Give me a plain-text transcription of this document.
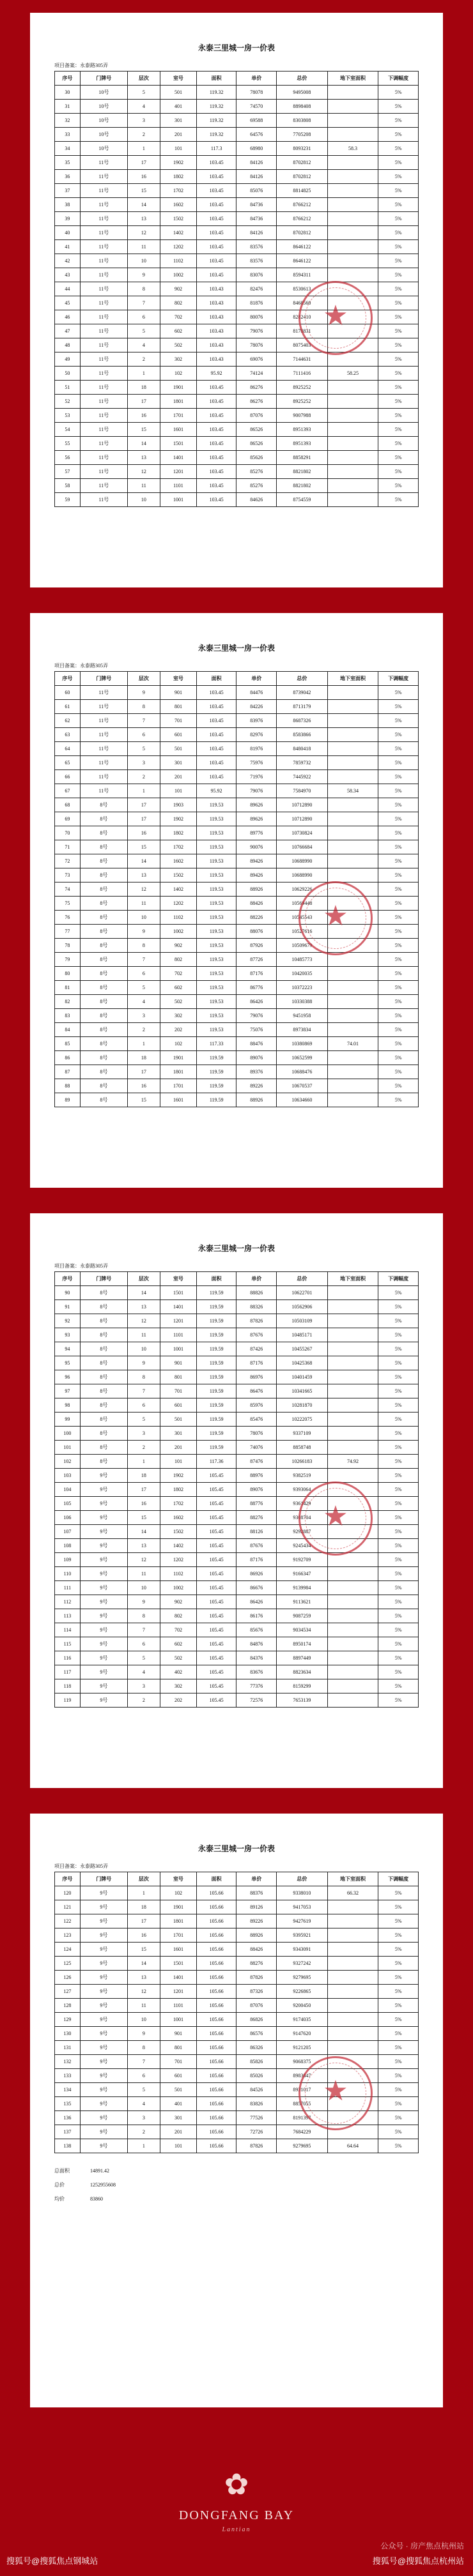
永泰三里城一房一价表
项目备案：永泰路305弄
序号	门牌号	层次	室号	面积	单价	总价	地下室面积	下调幅度
30	10号	5	501	119.32	78078	9495008		5%
31	10号	4	401	119.32	74570	8898408		5%
32	10号	3	301	119.32	69588	8303808		5%
33	10号	2	201	119.32	64576	7705208		5%
34	10号	1	101	117.3	68980	8093231	58.3	5%
35	11号	17	1902	103.45	84126	8702812		5%
36	11号	16	1802	103.45	84126	8702812		5%
37	11号	15	1702	103.45	85076	8814825		5%
38	11号	14	1602	103.45	84736	8766212		5%
39	11号	13	1502	103.45	84736	8766212		5%
40	11号	12	1402	103.45	84126	8702812		5%
41	11号	11	1202	103.45	83576	8646122		5%
42	11号	10	1102	103.45	83576	8646122		5%
43	11号	9	1002	103.45	83076	8594311		5%
44	11号	8	902	103.43	82476	8530613		5%
45	11号	7	802	103.43	81876	8468560		5%
46	11号	6	702	103.43	80076	8282410		5%
47	11号	5	602	103.43	79076	8178831		5%
48	11号	4	502	103.43	78076	8075403		5%
49	11号	2	302	103.43	69076	7144631		5%
50	11号	1	102	95.92	74124	7111416	58.25	5%
51	11号	18	1901	103.45	86276	8925252		5%
52	11号	17	1801	103.45	86276	8925252		5%
53	11号	16	1701	103.45	87076	9007988		5%
54	11号	15	1601	103.45	86526	8951393		5%
55	11号	14	1501	103.45	86526	8951393		5%
56	11号	13	1401	103.45	85626	8858291		5%
57	11号	12	1201	103.45	85276	8821802		5%
58	11号	11	1101	103.45	85276	8821802		5%
59	11号	10	1001	103.45	84626	8754559		5%
★
永泰三里城一房一价表
项目备案：永泰路305弄
序号	门牌号	层次	室号	面积	单价	总价	地下室面积	下调幅度
60	11号	9	901	103.45	84476	8739042		5%
61	11号	8	801	103.45	84226	8713179		5%
62	11号	7	701	103.45	83976	8687326		5%
63	11号	6	601	103.45	82976	8583866		5%
64	11号	5	501	103.45	81976	8480418		5%
65	11号	3	301	103.45	75976	7859732		5%
66	11号	2	201	103.45	71976	7445922		5%
67	11号	1	101	95.92	79076	7584970	58.34	5%
68	8号	17	1903	119.53	89626	10712890		5%
69	8号	17	1902	119.53	89626	10712890		5%
70	8号	16	1802	119.53	89776	10730824		5%
71	8号	15	1702	119.53	90076	10766684		5%
72	8号	14	1602	119.53	89426	10688990		5%
73	8号	13	1502	119.53	89426	10688990		5%
74	8号	12	1402	119.53	88926	10629226		5%
75	8号	11	1202	119.53	88426	10569448		5%
76	8号	10	1102	119.53	88226	10545543		5%
77	8号	9	1002	119.53	88076	10527616		5%
78	8号	8	902	119.53	87926	10509679		5%
79	8号	7	802	119.53	87726	10485773		5%
80	8号	6	702	119.53	87176	10420035		5%
81	8号	5	602	119.53	86776	10372223		5%
82	8号	4	502	119.53	86426	10330388		5%
83	8号	3	302	119.53	79076	9451958		5%
84	8号	2	202	119.53	75076	8973834		5%
85	8号	1	102	117.33	88476	10380869	74.01	5%
86	8号	18	1901	119.59	89076	10652599		5%
87	8号	17	1801	119.59	89376	10688476		5%
88	8号	16	1701	119.59	89226	10670537		5%
89	8号	15	1601	119.59	88926	10634660		5%
★
永泰三里城一房一价表
项目备案：永泰路305弄
序号	门牌号	层次	室号	面积	单价	总价	地下室面积	下调幅度
90	8号	14	1501	119.59	88826	10622701		5%
91	8号	13	1401	119.59	88326	10562906		5%
92	8号	12	1201	119.59	87826	10503109		5%
93	8号	11	1101	119.59	87676	10485171		5%
94	8号	10	1001	119.59	87426	10455267		5%
95	8号	9	901	119.59	87176	10425368		5%
96	8号	8	801	119.59	86976	10401459		5%
97	8号	7	701	119.59	86476	10341665		5%
98	8号	6	601	119.59	85976	10281870		5%
99	8号	5	501	119.59	85476	10222075		5%
100	8号	3	301	119.59	78076	9337109		5%
101	8号	2	201	119.59	74076	8858748		5%
102	8号	1	101	117.36	87476	10266183	74.92	5%
103	9号	18	1902	105.45	88976	9382519		5%
104	9号	17	1802	105.45	89076	9393064		5%
105	9号	16	1702	105.45	88776	9361429		5%
106	9号	15	1602	105.45	88276	9308704		5%
107	9号	14	1502	105.45	88126	9292887		5%
108	9号	13	1402	105.45	87676	9245434		5%
109	9号	12	1202	105.45	87176	9192709		5%
110	9号	11	1102	105.45	86926	9166347		5%
111	9号	10	1002	105.45	86676	9139984		5%
112	9号	9	902	105.45	86426	9113621		5%
113	9号	8	802	105.45	86176	9087259		5%
114	9号	7	702	105.45	85676	9034534		5%
115	9号	6	602	105.45	84876	8950174		5%
116	9号	5	502	105.45	84376	8897449		5%
117	9号	4	402	105.45	83676	8823634		5%
118	9号	3	302	105.45	77376	8159299		5%
119	9号	2	202	105.45	72576	7653139		5%
★
永泰三里城一房一价表
项目备案：永泰路305弄
序号	门牌号	层次	室号	面积	单价	总价	地下室面积	下调幅度
120	9号	1	102	105.66	88376	9338010	66.32	5%
121	9号	18	1901	105.66	89126	9417053		5%
122	9号	17	1801	105.66	89226	9427619		5%
123	9号	16	1701	105.66	88926	9395921		5%
124	9号	15	1601	105.66	88426	9343091		5%
125	9号	14	1501	105.66	88276	9327242		5%
126	9号	13	1401	105.66	87826	9279695		5%
127	9号	12	1201	105.66	87326	9226865		5%
128	9号	11	1101	105.66	87076	9200450		5%
129	9号	10	1001	105.66	86826	9174035		5%
130	9号	9	901	105.66	86576	9147620		5%
131	9号	8	801	105.66	86326	9121205		5%
132	9号	7	701	105.66	85826	9068375		5%
133	9号	6	601	105.66	85026	8983847		5%
134	9号	5	501	105.66	84526	8931017		5%
135	9号	4	401	105.66	83826	8857055		5%
136	9号	3	301	105.66	77526	8191397		5%
137	9号	2	201	105.66	72726	7684229		5%
138	9号	1	101	105.66	87826	9279695	64.64	5%
总面积	14891.42
总价	1252955608
均价	83860
★
✿
DONGFANG BAY
Lantian
搜狐号@搜狐焦点钢城站
公众号 · 房产焦点杭州站
搜狐号@搜狐焦点杭州站
